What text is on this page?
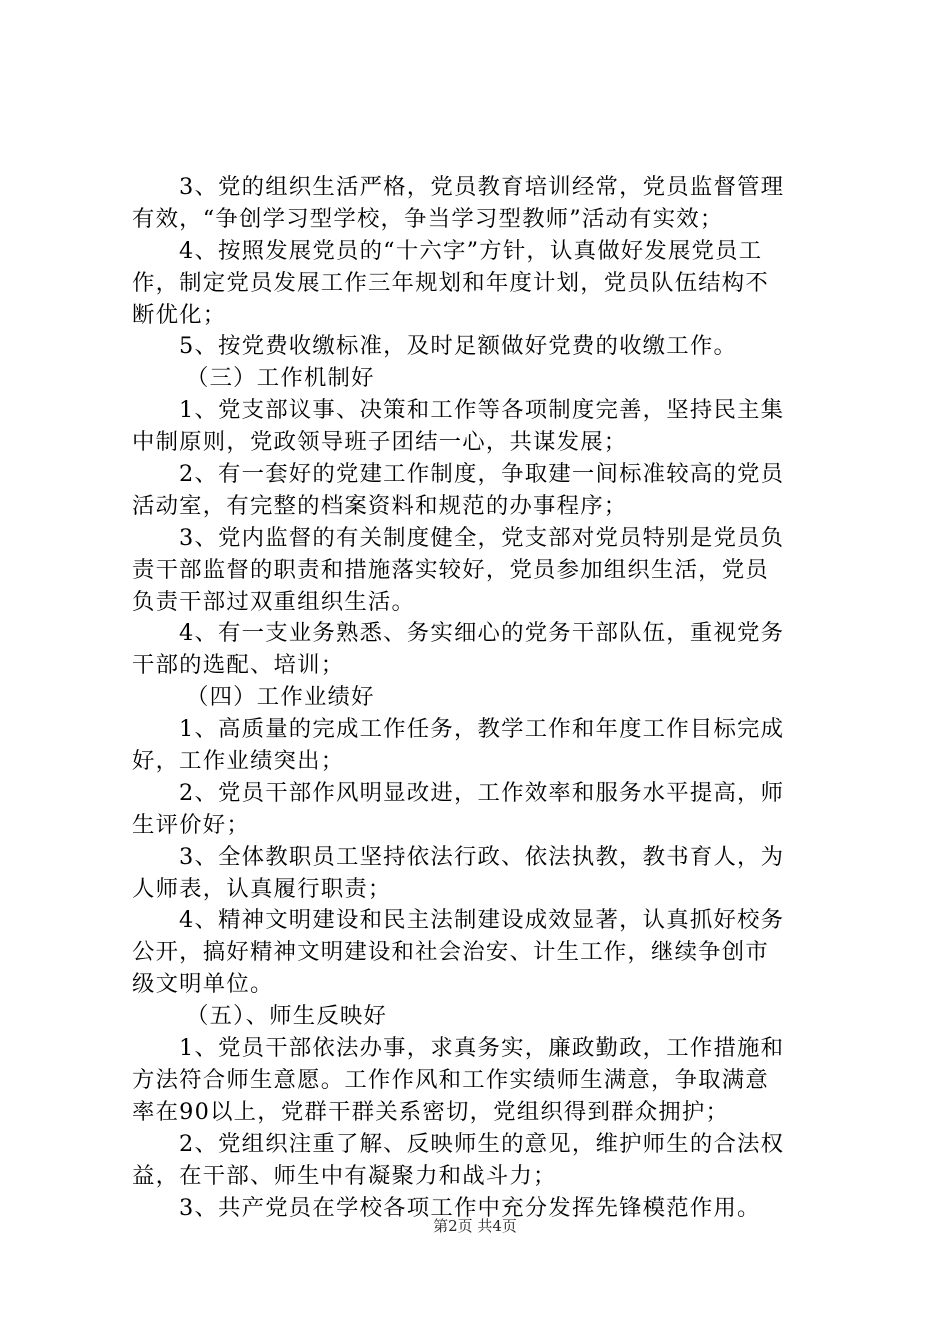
3、党的组织生活严格，党员教育培训经常，党员监督管理
有效，“争创学习型学校，争当学习型教师”活动有实效；
4、按照发展党员的“十六字”方针，认真做好发展党员工
作，制定党员发展工作三年规划和年度计划，党员队伍结构不
断优化；
5、按党费收缴标准，及时足额做好党费的收缴工作。
（三）工作机制好
1、党支部议事、决策和工作等各项制度完善，坚持民主集
中制原则，党政领导班子团结一心，共谋发展；
2、有一套好的党建工作制度，争取建一间标准较高的党员
活动室，有完整的档案资料和规范的办事程序；
3、党内监督的有关制度健全，党支部对党员特别是党员负
责干部监督的职责和措施落实较好，党员参加组织生活，党员
负责干部过双重组织生活。
4、有一支业务熟悉、务实细心的党务干部队伍，重视党务
干部的选配、培训；
（四）工作业绩好
1、高质量的完成工作任务，教学工作和年度工作目标完成
好，工作业绩突出；
2、党员干部作风明显改进，工作效率和服务水平提高，师
生评价好；
3、全体教职员工坚持依法行政、依法执教，教书育人，为
人师表，认真履行职责；
4、精神文明建设和民主法制建设成效显著，认真抓好校务
公开，搞好精神文明建设和社会治安、计生工作，继续争创市
级文明单位。
（五）、师生反映好
1、党员干部依法办事，求真务实，廉政勤政，工作措施和
方法符合师生意愿。工作作风和工作实绩师生满意，争取满意
率在90以上，党群干群关系密切，党组织得到群众拥护；
2、党组织注重了解、反映师生的意见，维护师生的合法权
益，在干部、师生中有凝聚力和战斗力；
3、共产党员在学校各项工作中充分发挥先锋模范作用。
第2页 共4页
